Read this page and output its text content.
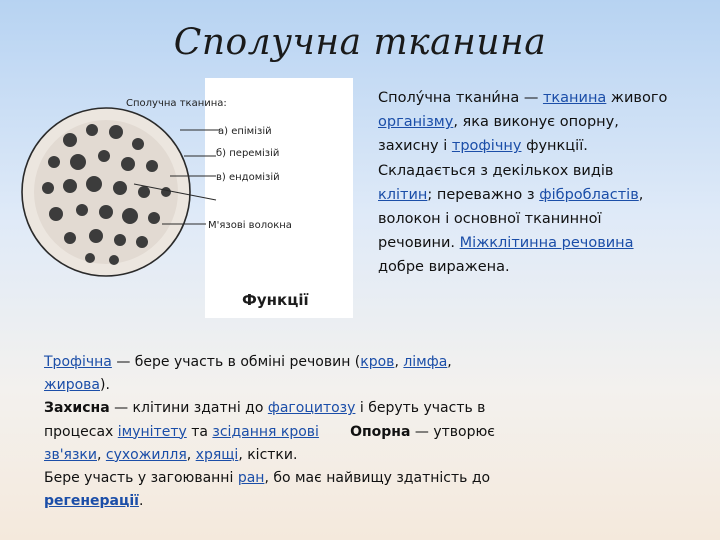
Сполучна тканина
Сполучна тканина:
а) епімізій
б) перемізій
в) ендомізій
М'язові волокна
Функції
Сполу́чна ткани́на — тканина живого організму, яка виконує опорну, захисну і трофічну функції. Складається з декількох видів клітин; переважно з фібробластів, волокон і основної тканинної речовини. Міжклітинна речовина добре виражена.
Трофічна — бере участь в обміні речовин (кров, лімфа, жирова).
Захисна — клітини здатні до фагоцитозу і беруть участь в процесах імунітету та зсідання крові Опорна — утворює зв'язки, сухожилля, хрящі, кістки.
Бере участь у загоюванні ран, бо має найвищу здатність до регенерації.
